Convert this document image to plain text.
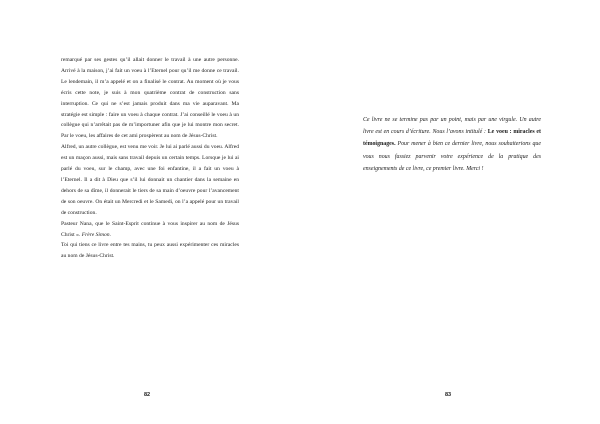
remarqué par ses gestes qu’il allait donner le travail à une autre personne. Arrivé à la maison, j’ai fait un voeu à l’Eternel pour qu’il me donne ce travail. Le lendemain, il m’a appelé et on a finalisé le contrat. Au moment où je vous écris cette note, je suis à mon quatrième contrat de construction sans interruption. Ce qui ne s’est jamais produit dans ma vie auparavant. Ma stratégie est simple : faire un voeu à chaque contrat. J’ai conseillé le voeu à un collègue qui n’arrêtait pas de m’importuner afin que je lui montre mon secret. Par le voeu, les affaires de cet ami prospèrent au nom de Jésus-Christ.

Alfred, un autre collègue, est venu me voir. Je lui ai parlé aussi du voeu. Alfred est un maçon aussi, mais sans travail depuis un certain temps. Lorsque je lui ai parlé du voeu, sur le champ, avec une foi enfantine, il a fait un voeu à l’Eternel. Il a dit à Dieu que s’il lui donnait un chantier dans la semaine en dehors de sa dîme, il donnerait le tiers de sa main d’oeuvre pour l’avancement de son oeuvre. On était un Mercredi et le Samedi, on l’a appelé pour un travail de construction.

Pasteur Nana, que le Saint-Esprit continue à vous inspirer au nom de Jésus Christ ». Frère Simon.

Toi qui tiens ce livre entre tes mains, tu peux aussi expérimenter ces miracles au nom de Jésus-Christ.

82

Ce livre ne se termine pas par un point, mais par une virgule. Un autre livre est en cours d’écriture. Nous l’avons intitulé : Le voeu : miracles et témoignages. Pour mener à bien ce dernier livre, nous souhaiterions que vous nous fassiez parvenir votre expérience de la pratique des enseignements de ce livre, ce premier livre. Merci !

83
